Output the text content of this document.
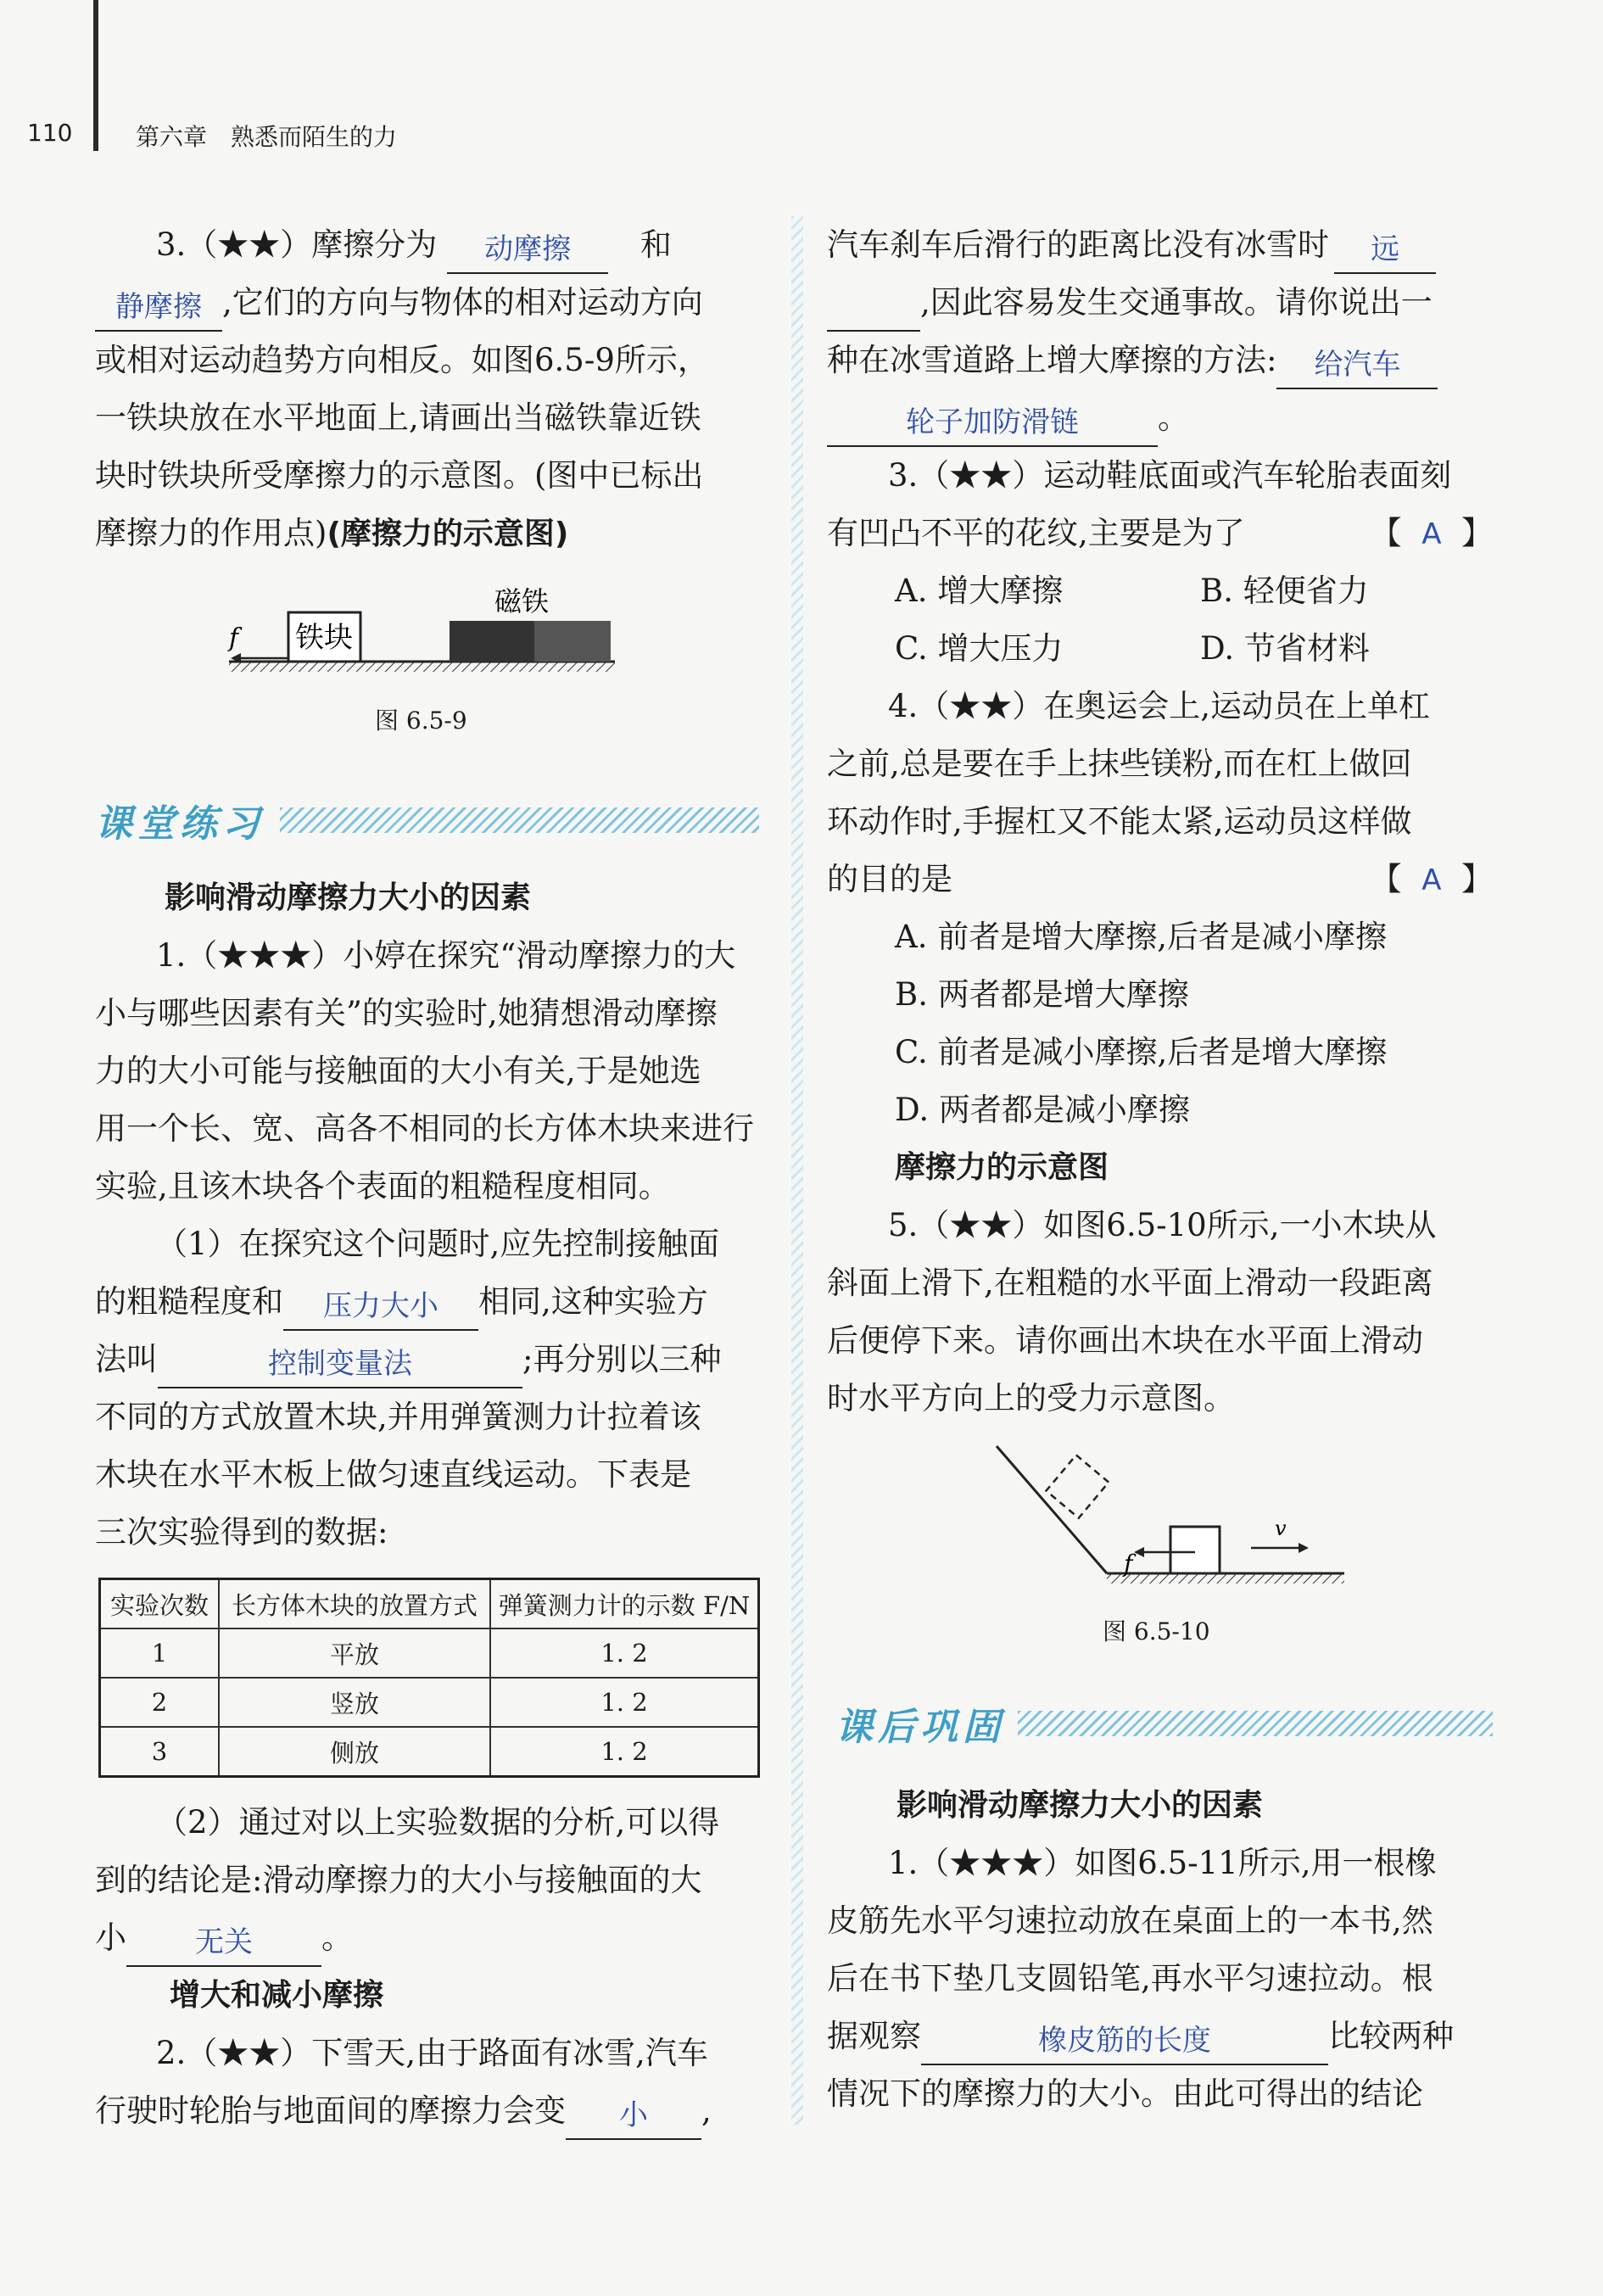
110	第六章　熟悉而陌生的力
3.（★★）摩擦分为 动摩擦 和
静摩擦 ,它们的方向与物体的相对运动方向
或相对运动趋势方向相反。如图6.5-9所示，
一铁块放在水平地面上,请画出当磁铁靠近铁
块时铁块所受摩擦力的示意图。(图中已标出
摩擦力的作用点)(摩擦力的示意图)
铁块
磁铁
f
图 6.5-9
课堂练习
影响滑动摩擦力大小的因素
1.（★★★）小婷在探究“滑动摩擦力的大
小与哪些因素有关”的实验时,她猜想滑动摩擦
力的大小可能与接触面的大小有关,于是她选
用一个长、宽、高各不相同的长方体木块来进行
实验,且该木块各个表面的粗糙程度相同。
（1）在探究这个问题时,应先控制接触面
的粗糙程度和 压力大小 相同,这种实验方
法叫	控制变量法	;再分别以三种
不同的方式放置木块,并用弹簧测力计拉着该
木块在水平木板上做匀速直线运动。下表是
三次实验得到的数据:
实验次数	长方体木块的放置方式	弹簧测力计的示数 F/N
1	平放	1. 2
2	竖放	1. 2
3	侧放	1. 2
（2）通过对以上实验数据的分析,可以得
到的结论是:滑动摩擦力的大小与接触面的大
小 无关 。
增大和减小摩擦
2.（★★）下雪天,由于路面有冰雪,汽车
行驶时轮胎与地面间的摩擦力会变 小 ,
汽车刹车后滑行的距离比没有冰雪时 远
,因此容易发生交通事故。请你说出一
种在冰雪道路上增大摩擦的方法: 给汽车
轮子加防滑链	。
3.（★★）运动鞋底面或汽车轮胎表面刻
有凹凸不平的花纹,主要是为了	【 A 】
A. 增大摩擦	B. 轻便省力
C. 增大压力	D. 节省材料
4.（★★）在奥运会上,运动员在上单杠
之前,总是要在手上抹些镁粉,而在杠上做回
环动作时,手握杠又不能太紧,运动员这样做
的目的是	【 A 】
A. 前者是增大摩擦,后者是减小摩擦
B. 两者都是增大摩擦
C. 前者是减小摩擦,后者是增大摩擦
D. 两者都是减小摩擦
摩擦力的示意图
5.（★★）如图6.5-10所示,一小木块从
斜面上滑下,在粗糙的水平面上滑动一段距离
后便停下来。请你画出木块在水平面上滑动
时水平方向上的受力示意图。
f
v
图 6.5-10
课后巩固
影响滑动摩擦力大小的因素
1.（★★★）如图6.5-11所示,用一根橡
皮筋先水平匀速拉动放在桌面上的一本书,然
后在书下垫几支圆铅笔,再水平匀速拉动。根
据观察	橡皮筋的长度	比较两种
情况下的摩擦力的大小。由此可得出的结论
